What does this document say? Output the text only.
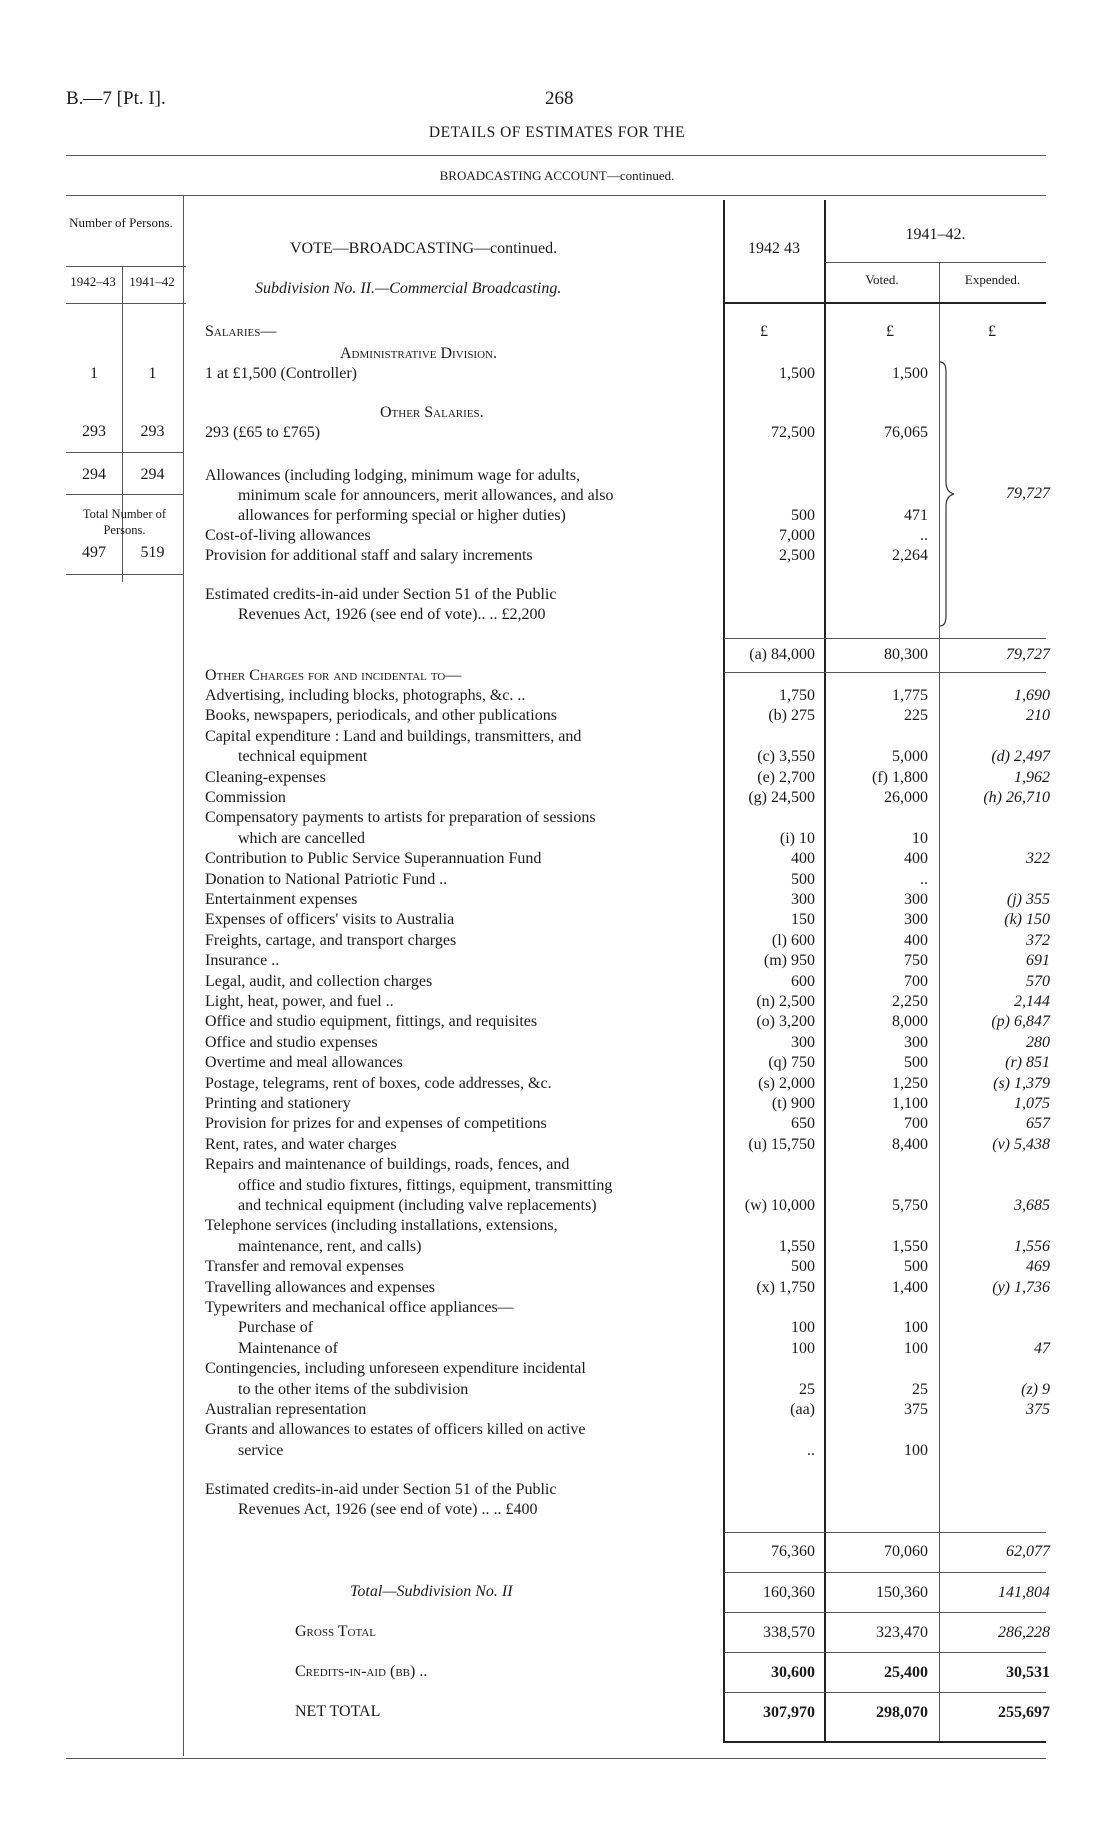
B.—7 [Pt. I].	268
DETAILS OF ESTIMATES FOR THE
BROADCASTING ACCOUNT—continued.
Number of Persons.
1942–43	1941–42
VOTE—BROADCASTING—continued.
Subdivision No. II.—Commercial Broadcasting.
1942 43
1941–42.
Voted.	Expended.
1	1
293	293
294	294
Total Number of Persons.
497	519
Salaries—	£	£	£
Administrative Division.
1 at £1,500 (Controller)	1,500	1,500
Other Salaries.
293 (£65 to £765)	72,500	76,065
Allowances (including lodging, minimum wage for adults,
minimum scale for announcers, merit allowances, and also
allowances for performing special or higher duties)	500	471
Cost-of-living allowances	7,000	..
Provision for additional staff and salary increments	2,500	2,264
79,727
Estimated credits-in-aid under Section 51 of the Public
Revenues Act, 1926 (see end of vote).. .. £2,200
(a) 84,000	80,300	79,727
Other Charges for and incidental to—
Advertising, including blocks, photographs, &c. ..	1,750	1,775	1,690
Books, newspapers, periodicals, and other publications	(b) 275	225	210
Capital expenditure : Land and buildings, transmitters, and
technical equipment	(c) 3,550	5,000	(d) 2,497
Cleaning-expenses	(e) 2,700	(f) 1,800	1,962
Commission	(g) 24,500	26,000	(h) 26,710
Compensatory payments to artists for preparation of sessions
which are cancelled	(i) 10	10
Contribution to Public Service Superannuation Fund	400	400	322
Donation to National Patriotic Fund ..	500	..
Entertainment expenses	300	300	(j) 355
Expenses of officers' visits to Australia	150	300	(k) 150
Freights, cartage, and transport charges	(l) 600	400	372
Insurance ..	(m) 950	750	691
Legal, audit, and collection charges	600	700	570
Light, heat, power, and fuel ..	(n) 2,500	2,250	2,144
Office and studio equipment, fittings, and requisites	(o) 3,200	8,000	(p) 6,847
Office and studio expenses	300	300	280
Overtime and meal allowances	(q) 750	500	(r) 851
Postage, telegrams, rent of boxes, code addresses, &c.	(s) 2,000	1,250	(s) 1,379
Printing and stationery	(t) 900	1,100	1,075
Provision for prizes for and expenses of competitions	650	700	657
Rent, rates, and water charges	(u) 15,750	8,400	(v) 5,438
Repairs and maintenance of buildings, roads, fences, and
office and studio fixtures, fittings, equipment, transmitting
and technical equipment (including valve replacements)	(w) 10,000	5,750	3,685
Telephone services (including installations, extensions,
maintenance, rent, and calls)	1,550	1,550	1,556
Transfer and removal expenses	500	500	469
Travelling allowances and expenses	(x) 1,750	1,400	(y) 1,736
Typewriters and mechanical office appliances—
Purchase of	100	100
Maintenance of	100	100	47
Contingencies, including unforeseen expenditure incidental
to the other items of the subdivision	25	25	(z) 9
Australian representation	(aa)	375	375
Grants and allowances to estates of officers killed on active
service	..	100
Estimated credits-in-aid under Section 51 of the Public
Revenues Act, 1926 (see end of vote) .. .. £400
76,360	70,060	62,077
Total—Subdivision No. II	160,360	150,360	141,804
Gross Total	338,570	323,470	286,228
Credits-in-aid (bb) ..	30,600	25,400	30,531
NET TOTAL	307,970	298,070	255,697
